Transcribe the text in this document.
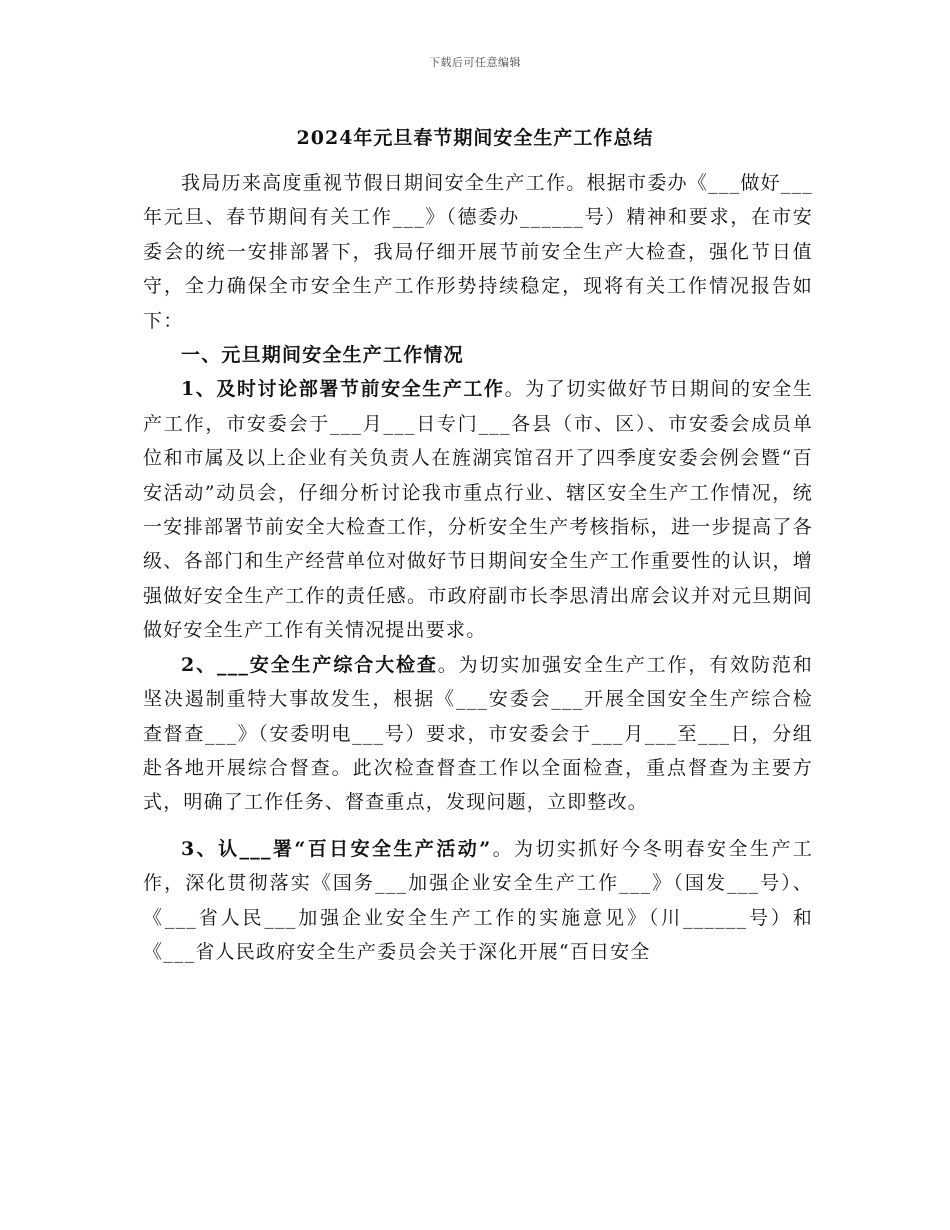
下载后可任意编辑
2024年元旦春节期间安全生产工作总结

我局历来高度重视节假日期间安全生产工作。根据市委办《___做好___年元旦、春节期间有关工作___》（德委办______号）精神和要求，在市安委会的统一安排部署下，我局仔细开展节前安全生产大检查，强化节日值守，全力确保全市安全生产工作形势持续稳定，现将有关工作情况报告如下：

一、元旦期间安全生产工作情况

1、及时讨论部署节前安全生产工作。为了切实做好节日期间的安全生产工作，市安委会于___月___日专门___各县（市、区）、市安委会成员单位和市属及以上企业有关负责人在旌湖宾馆召开了四季度安委会例会暨“百安活动”动员会，仔细分析讨论我市重点行业、辖区安全生产工作情况，统一安排部署节前安全大检查工作，分析安全生产考核指标，进一步提高了各级、各部门和生产经营单位对做好节日期间安全生产工作重要性的认识，增强做好安全生产工作的责任感。市政府副市长李思清出席会议并对元旦期间做好安全生产工作有关情况提出要求。

2、___安全生产综合大检查。为切实加强安全生产工作，有效防范和坚决遏制重特大事故发生，根据《___安委会___开展全国安全生产综合检查督查___》（安委明电___号）要求，市安委会于___月___至___日，分组赴各地开展综合督查。此次检查督查工作以全面检查，重点督查为主要方式，明确了工作任务、督查重点，发现问题，立即整改。

3、认___署“百日安全生产活动”。为切实抓好今冬明春安全生产工作，深化贯彻落实《国务___加强企业安全生产工作___》（国发___号）、《___省人民___加强企业安全生产工作的实施意见》（川______号）和《___省人民政府安全生产委员会关于深化开展“百日安全
